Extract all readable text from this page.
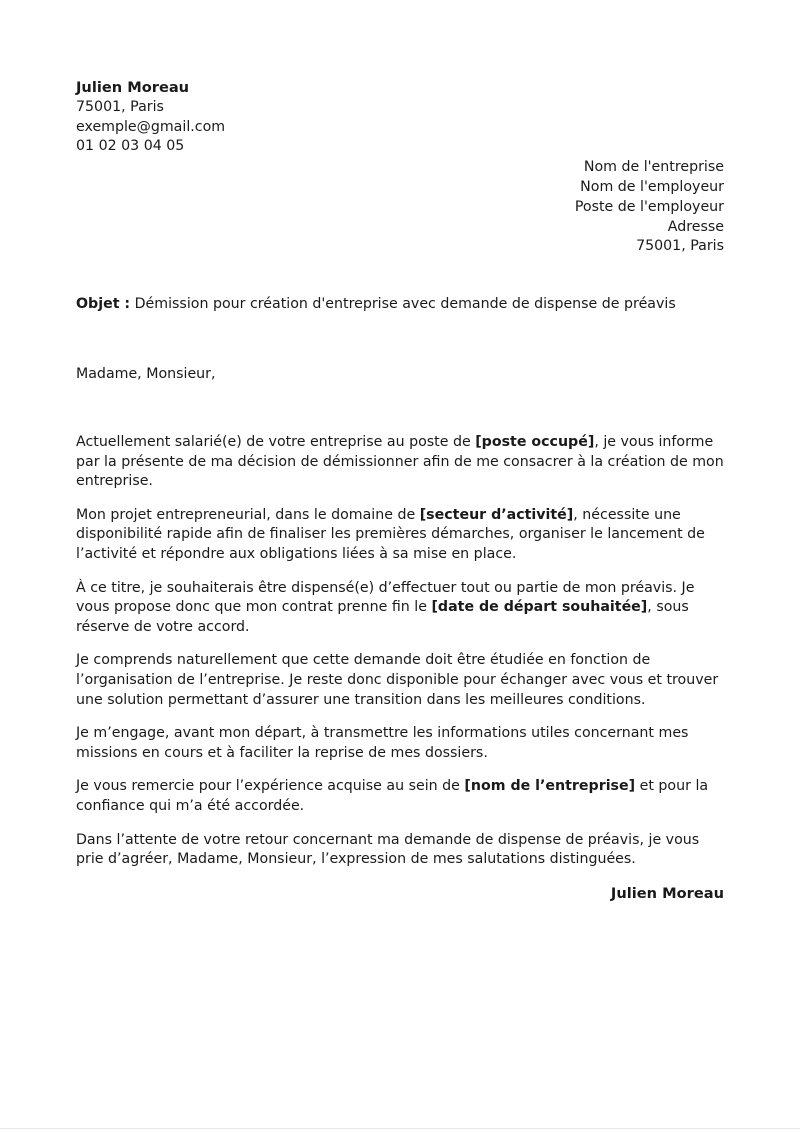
Julien Moreau
75001, Paris
exemple@gmail.com
01 02 03 04 05
Nom de l'entreprise
Nom de l'employeur
Poste de l'employeur
Adresse
75001, Paris
Objet : Démission pour création d'entreprise avec demande de dispense de préavis
Madame, Monsieur,

Actuellement salarié(e) de votre entreprise au poste de [poste occupé], je vous informe par la présente de ma décision de démissionner afin de me consacrer à la création de mon entreprise.

Mon projet entrepreneurial, dans le domaine de [secteur d’activité], nécessite une disponibilité rapide afin de finaliser les premières démarches, organiser le lancement de l’activité et répondre aux obligations liées à sa mise en place.

À ce titre, je souhaiterais être dispensé(e) d’effectuer tout ou partie de mon préavis. Je vous propose donc que mon contrat prenne fin le [date de départ souhaitée], sous réserve de votre accord.

Je comprends naturellement que cette demande doit être étudiée en fonction de l’organisation de l’entreprise. Je reste donc disponible pour échanger avec vous et trouver une solution permettant d’assurer une transition dans les meilleures conditions.

Je m’engage, avant mon départ, à transmettre les informations utiles concernant mes missions en cours et à faciliter la reprise de mes dossiers.

Je vous remercie pour l’expérience acquise au sein de [nom de l’entreprise] et pour la confiance qui m’a été accordée.

Dans l’attente de votre retour concernant ma demande de dispense de préavis, je vous prie d’agréer, Madame, Monsieur, l’expression de mes salutations distinguées.

Julien Moreau
